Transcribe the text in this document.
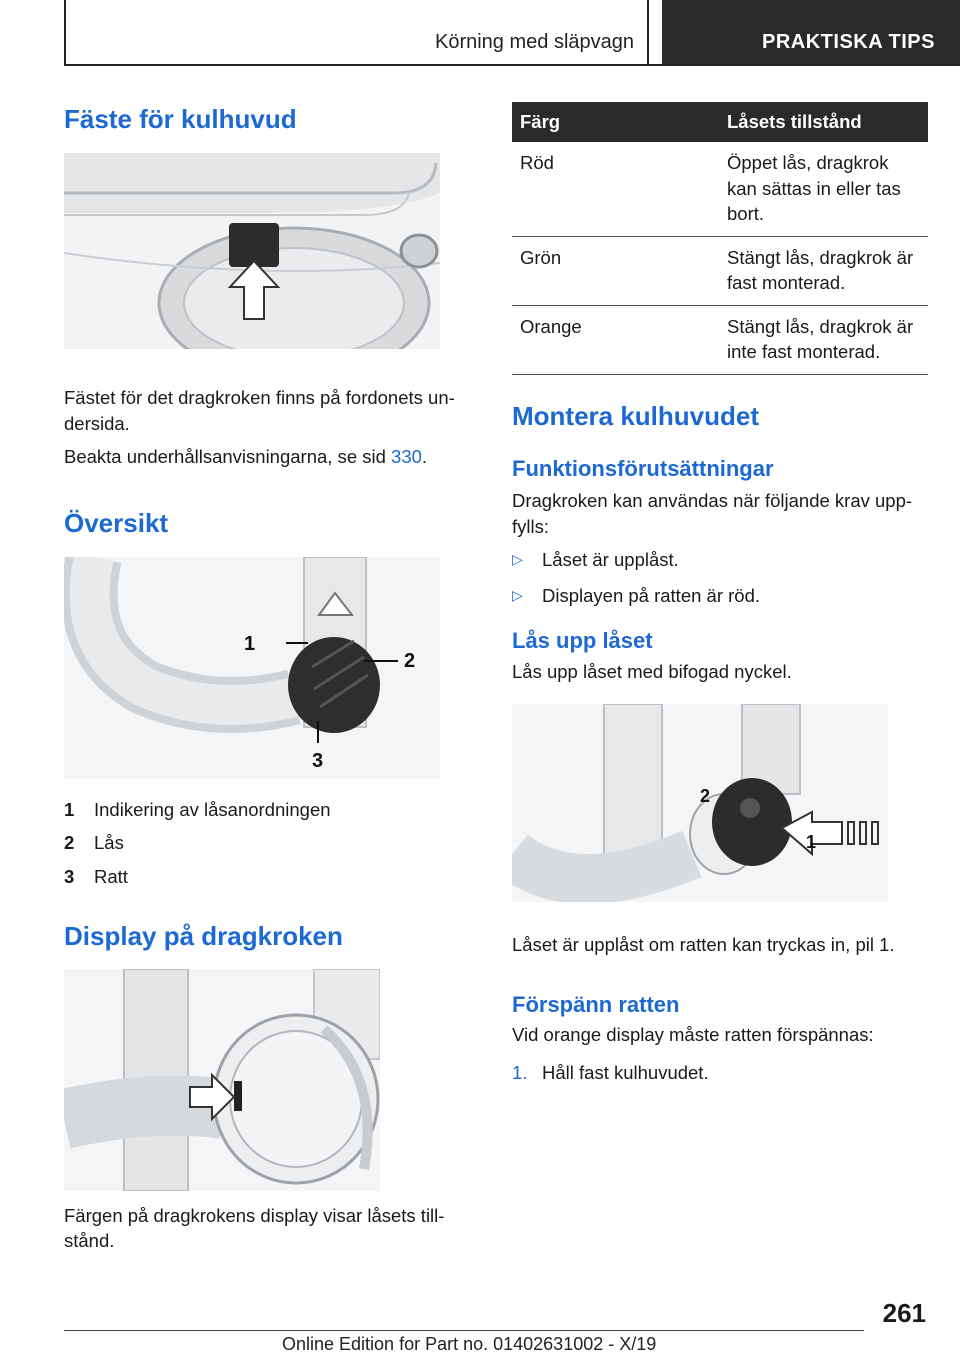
Körning med släpvagn	PRAKTISKA TIPS
Fäste för kulhuvud

Fästet för det dragkroken finns på fordonets un-dersida.

Beakta underhållsanvisningarna, se sid 330.

Översikt
1
2
3
1	Indikering av låsanordningen
2	Lås
3	Ratt
Display på dragkroken

Färgen på dragkrokens display visar låsets till-stånd.

Färg	Låsets tillstånd
Röd	Öppet lås, dragkrok kan sättas in eller tas bort.
Grön	Stängt lås, dragkrok är fast monterad.
Orange	Stängt lås, dragkrok är inte fast monterad.
Montera kulhuvudet
Funktionsförutsättningar

Dragkroken kan användas när följande krav upp-fylls:

▷	Låset är upplåst.
▷	Displayen på ratten är röd.
Lås upp låset

Lås upp låset med bifogad nyckel.

2
1

Låset är upplåst om ratten kan tryckas in, pil 1.

Förspänn ratten

Vid orange display måste ratten förspännas:

1. Håll fast kulhuvudet.
261
Online Edition for Part no. 01402631002 - X/19
